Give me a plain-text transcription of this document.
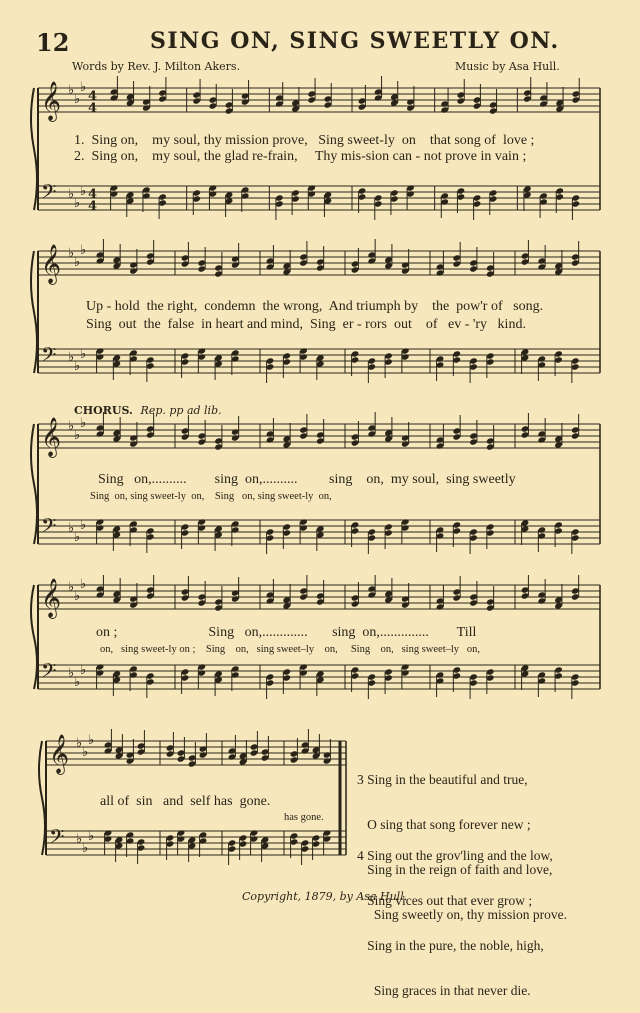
12	SING ON, SING SWEETLY ON.
Words by Rev. J. Milton Akers.	Music by Asa Hull.
𝄞
𝄢
♭
♭
♭
♭
♭
♭
4
4
4
4
1.  Sing on,    my soul, thy mission prove,   Sing sweet-ly  on    that song of  love ;
2.  Sing on,    my soul, the glad re-frain,     Thy mis-sion can - not prove in vain ;
𝄞
𝄢
♭
♭
♭
♭
♭
♭
Up - hold  the right,  condemn  the wrong,  And triumph by    the  pow'r of   song.
Sing  out  the  false  in heart and mind,  Sing  er - rors  out    of   ev - 'ry   kind.
CHORUS. Rep. pp ad lib.
𝄞
𝄢
♭
♭
♭
♭
♭
♭
Sing   on,..........        sing  on,..........         sing    on,  my soul,  sing sweetly
Sing  on, sing sweet-ly  on,    Sing   on, sing sweet-ly  on,
𝄞
𝄢
♭
♭
♭
♭
♭
♭
on ;                          Sing   on,.............       sing  on,..............        Till
on,   sing sweet-ly on ;    Sing    on,   sing sweet–ly    on,     Sing    on,   sing sweet–ly   on,
𝄞
𝄢
♭
♭
♭
♭
♭
♭
all of  sin   and  self has  gone.
has gone.

3 Sing in the beautiful and true,

O sing that song forever new ;

Sing in the reign of faith and love,

Sing sweetly on, thy mission prove.

4 Sing out the grov'ling and the low,

Sing vices out that ever grow ;

Sing in the pure, the noble, high,

Sing graces in that never die.

Copyright, 1879, by Asa Hull.
